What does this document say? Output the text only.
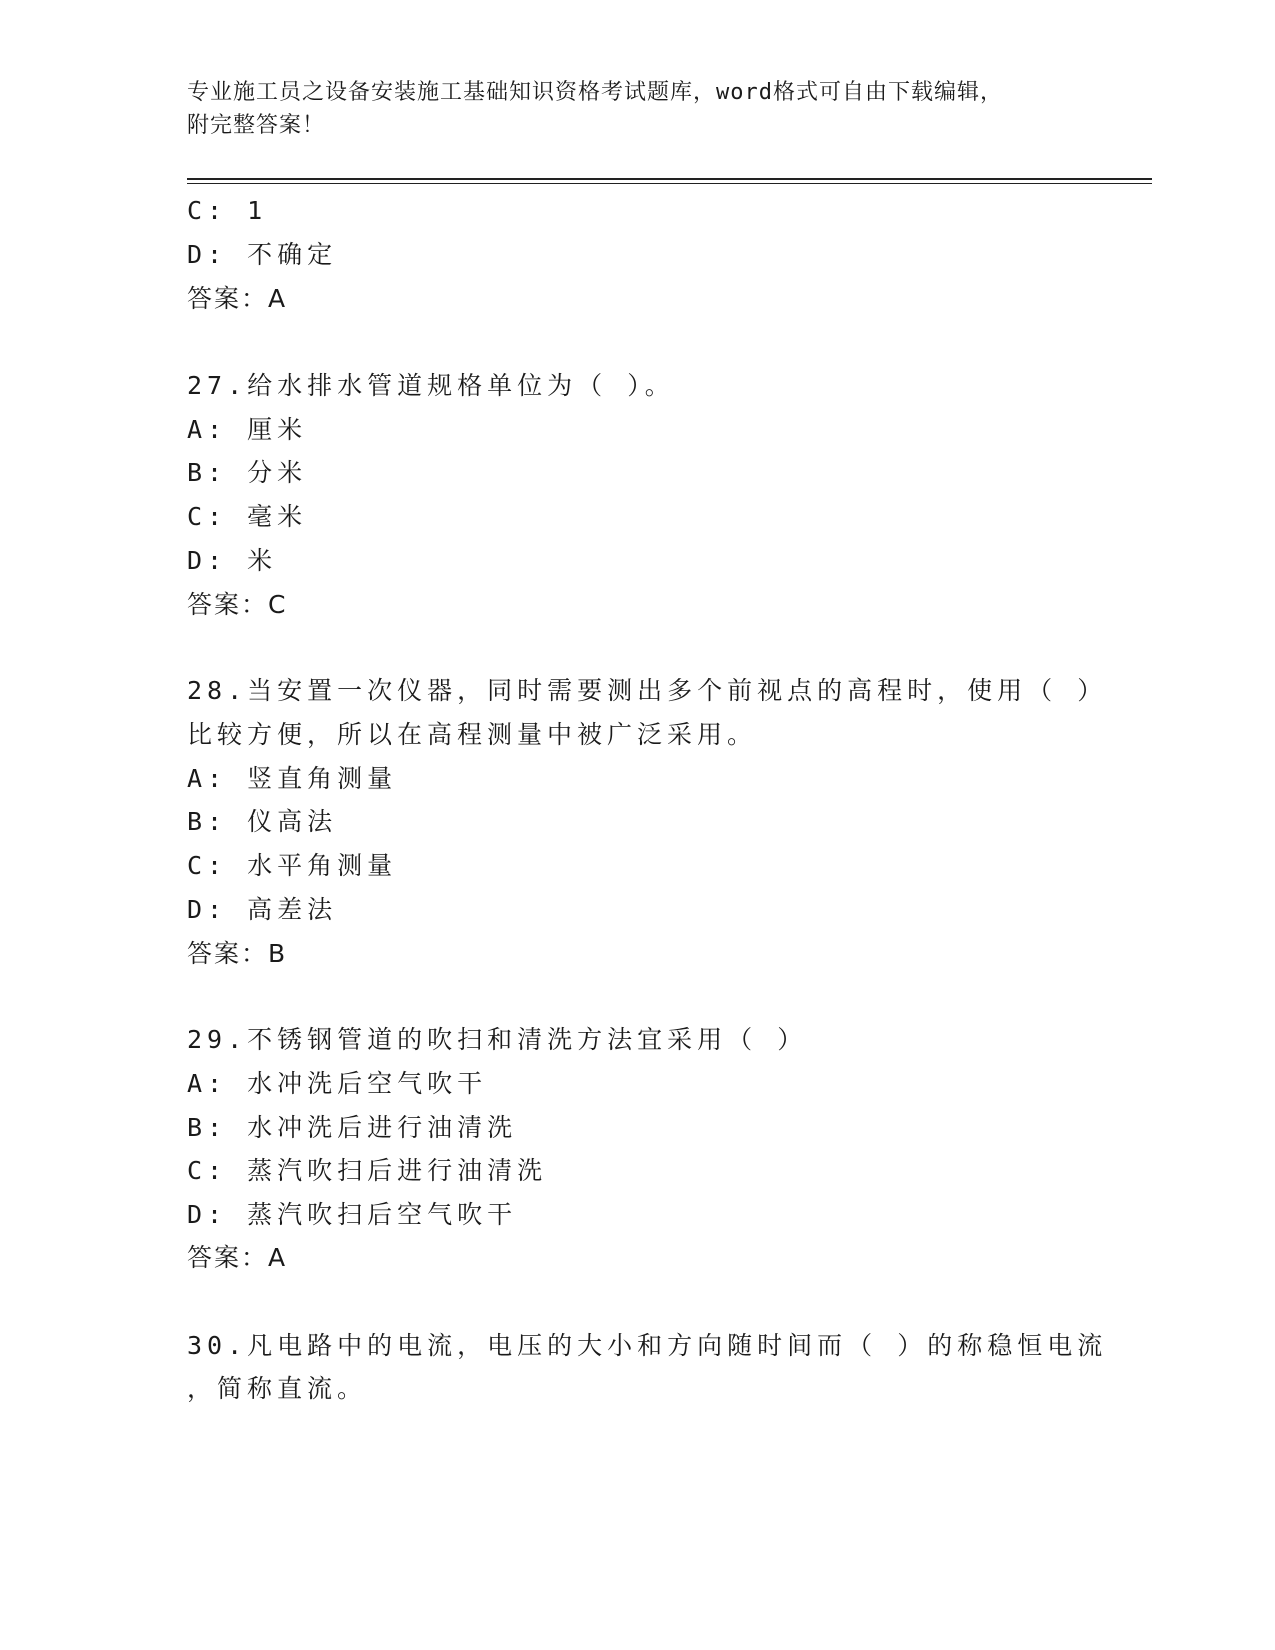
专业施工员之设备安装施工基础知识资格考试题库，word格式可自由下载编辑，
附完整答案！
C: 1
D: 不确定
答案：A
27.给水排水管道规格单位为（ ）。
A: 厘米
B: 分米
C: 毫米
D: 米
答案：C
28.当安置一次仪器，同时需要测出多个前视点的高程时，使用（ ）
比较方便，所以在高程测量中被广泛采用。
A: 竖直角测量
B: 仪高法
C: 水平角测量
D: 高差法
答案：B
29.不锈钢管道的吹扫和清洗方法宜采用（ ）
A: 水冲洗后空气吹干
B: 水冲洗后进行油清洗
C: 蒸汽吹扫后进行油清洗
D: 蒸汽吹扫后空气吹干
答案：A
30.凡电路中的电流，电压的大小和方向随时间而（ ）的称稳恒电流
，简称直流。
